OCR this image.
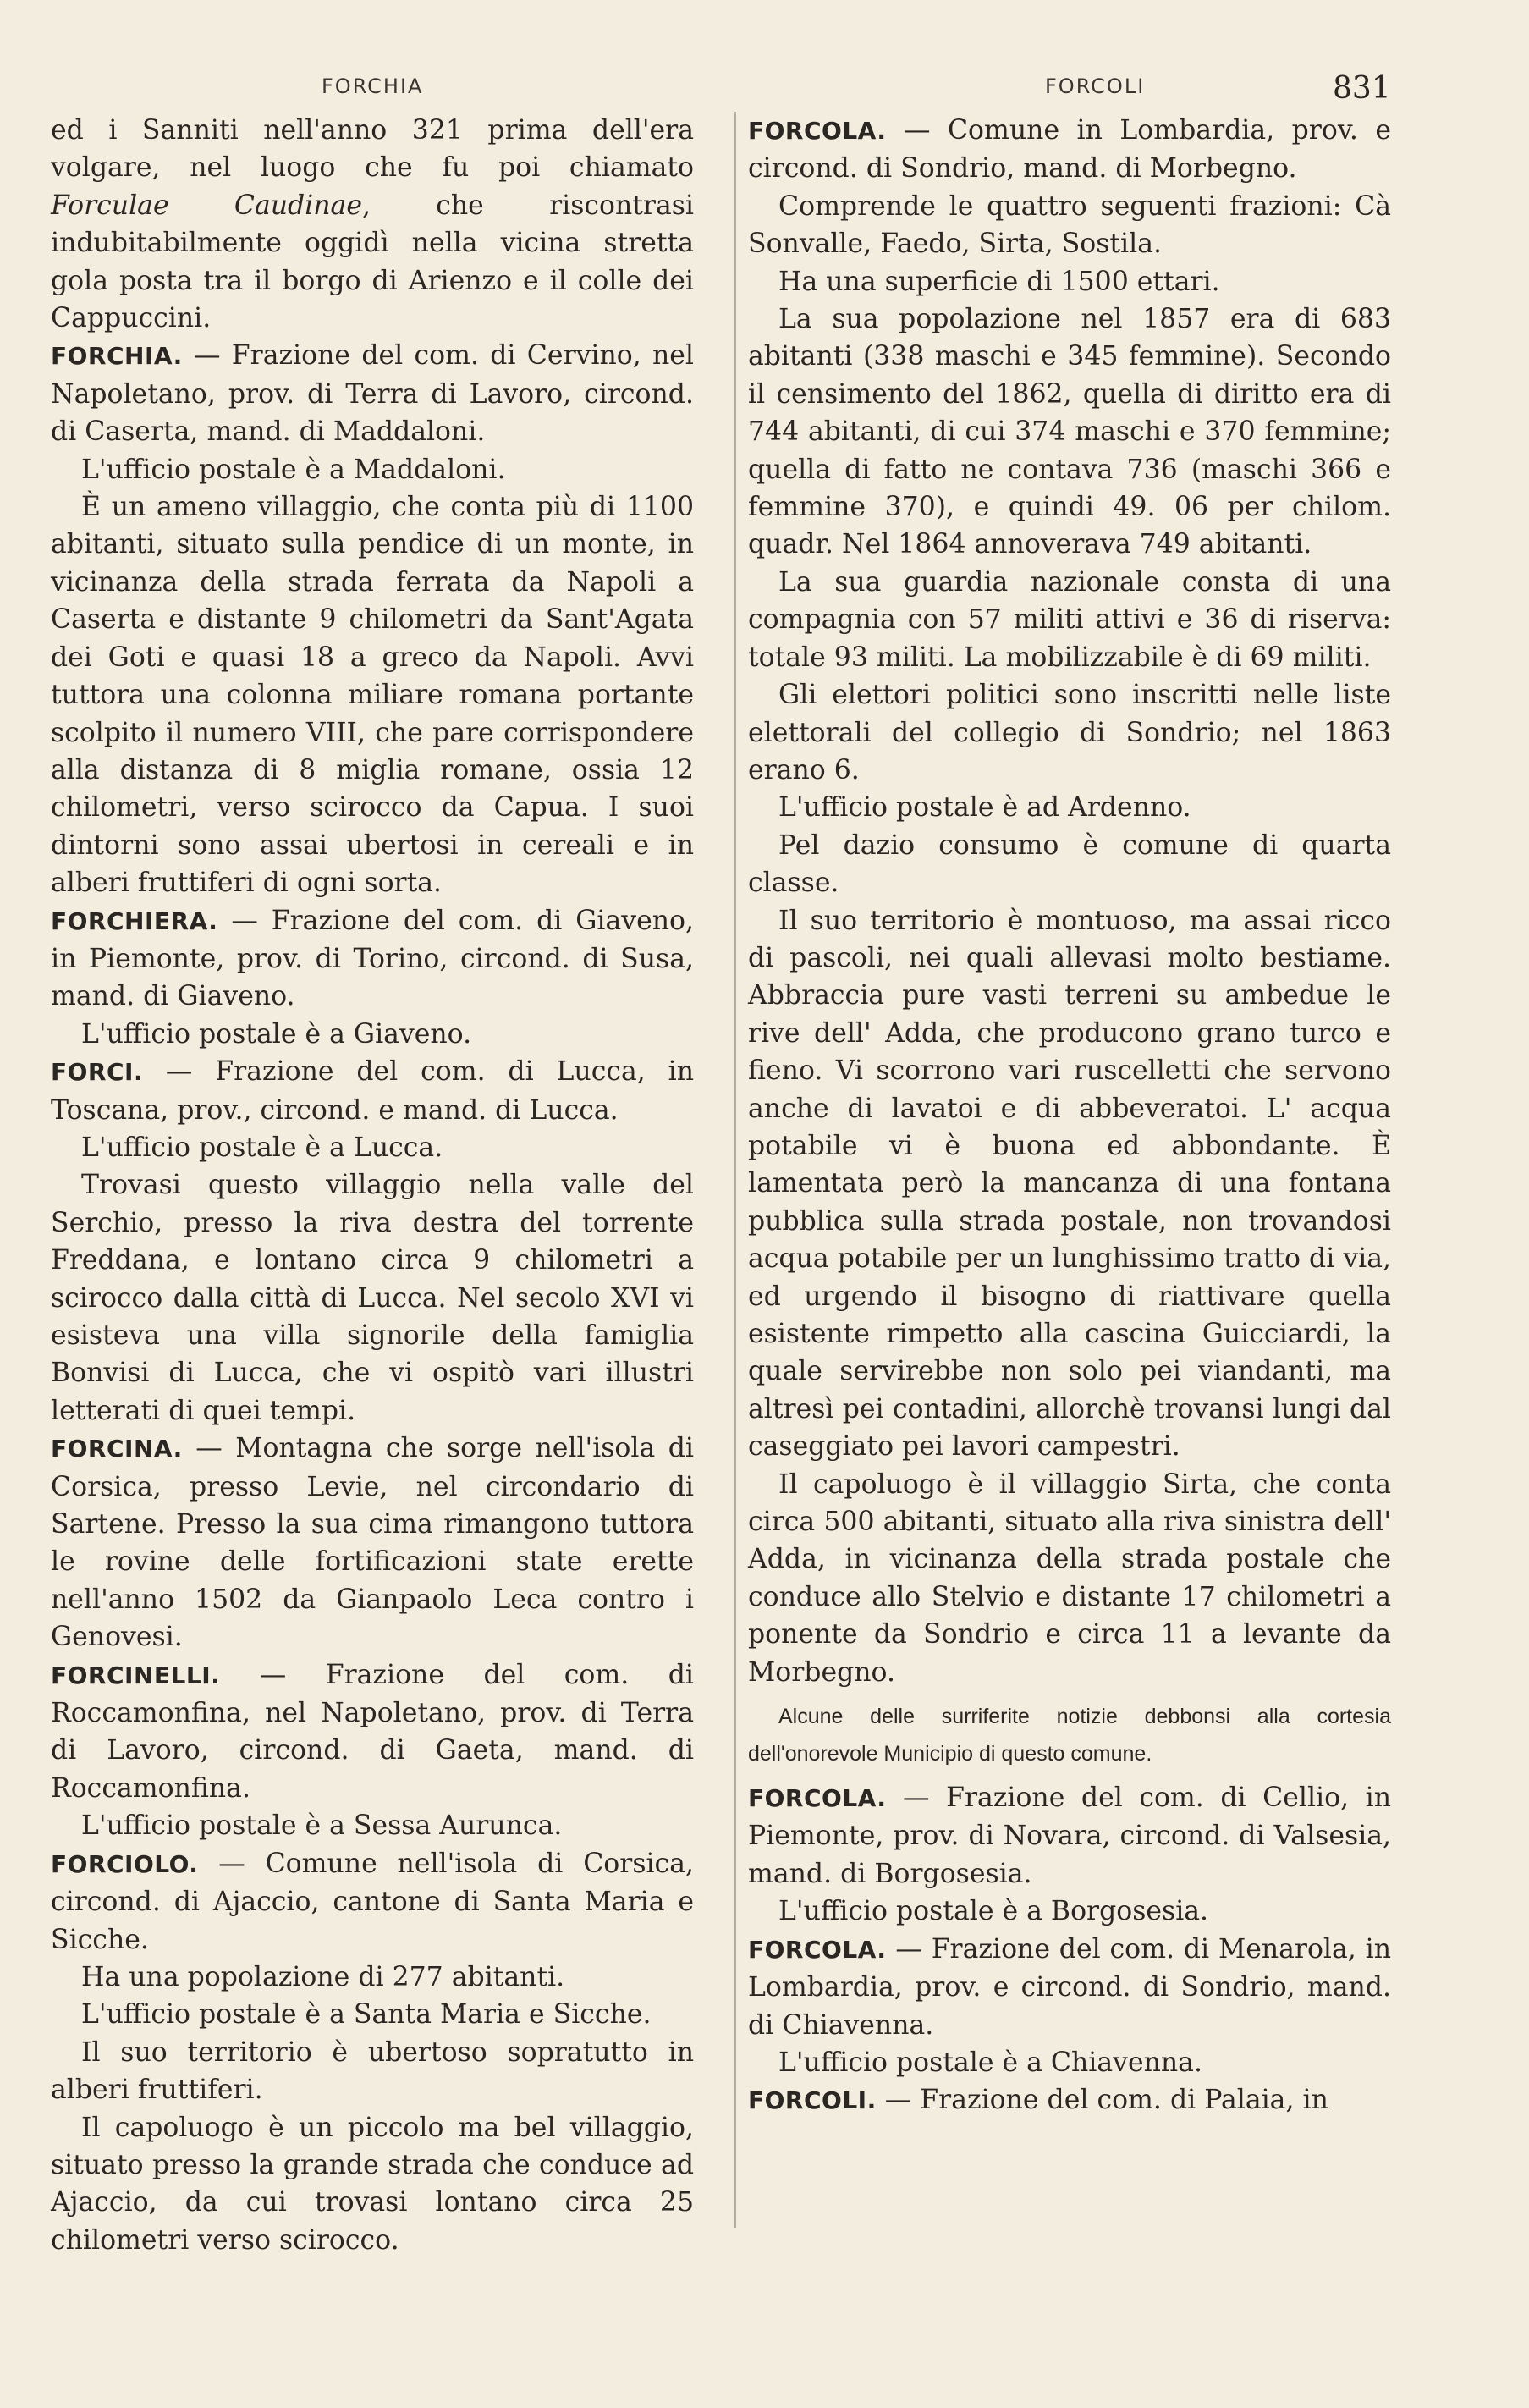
FORCHIA	FORCOLI	831

ed i Sanniti nell'anno 321 prima dell'era volgare, nel luogo che fu poi chiamato Forculae Caudinae, che riscontrasi indubitabilmente oggidì nella vicina stretta gola posta tra il borgo di Arienzo e il colle dei Cappuccini.

FORCHIA. — Frazione del com. di Cervino, nel Napoletano, prov. di Terra di Lavoro, circond. di Caserta, mand. di Maddaloni.

L'ufficio postale è a Maddaloni.

È un ameno villaggio, che conta più di 1100 abitanti, situato sulla pendice di un monte, in vicinanza della strada ferrata da Napoli a Caserta e distante 9 chilometri da Sant'Agata dei Goti e quasi 18 a greco da Napoli. Avvi tuttora una colonna miliare romana portante scolpito il numero VIII, che pare corrispondere alla distanza di 8 miglia romane, ossia 12 chilometri, verso scirocco da Capua. I suoi dintorni sono assai ubertosi in cereali e in alberi fruttiferi di ogni sorta.

FORCHIERA. — Frazione del com. di Giaveno, in Piemonte, prov. di Torino, circond. di Susa, mand. di Giaveno.

L'ufficio postale è a Giaveno.

FORCI. — Frazione del com. di Lucca, in Toscana, prov., circond. e mand. di Lucca.

L'ufficio postale è a Lucca.

Trovasi questo villaggio nella valle del Serchio, presso la riva destra del torrente Freddana, e lontano circa 9 chilometri a scirocco dalla città di Lucca. Nel secolo XVI vi esisteva una villa signorile della famiglia Bonvisi di Lucca, che vi ospitò vari illustri letterati di quei tempi.

FORCINA. — Montagna che sorge nell'isola di Corsica, presso Levie, nel circondario di Sartene. Presso la sua cima rimangono tuttora le rovine delle fortificazioni state erette nell'anno 1502 da Gianpaolo Leca contro i Genovesi.

FORCINELLI. — Frazione del com. di Roccamonfina, nel Napoletano, prov. di Terra di Lavoro, circond. di Gaeta, mand. di Roccamonfina.

L'ufficio postale è a Sessa Aurunca.

FORCIOLO. — Comune nell'isola di Corsica, circond. di Ajaccio, cantone di Santa Maria e Sicche.

Ha una popolazione di 277 abitanti.

L'ufficio postale è a Santa Maria e Sicche.

Il suo territorio è ubertoso sopratutto in alberi fruttiferi.

Il capoluogo è un piccolo ma bel villaggio, situato presso la grande strada che conduce ad Ajaccio, da cui trovasi lontano circa 25 chilometri verso scirocco.

FORCOLA. — Comune in Lombardia, prov. e circond. di Sondrio, mand. di Morbegno.

Comprende le quattro seguenti frazioni: Cà Sonvalle, Faedo, Sirta, Sostila.

Ha una superficie di 1500 ettari.

La sua popolazione nel 1857 era di 683 abitanti (338 maschi e 345 femmine). Secondo il censimento del 1862, quella di diritto era di 744 abitanti, di cui 374 maschi e 370 femmine; quella di fatto ne contava 736 (maschi 366 e femmine 370), e quindi 49. 06 per chilom. quadr. Nel 1864 annoverava 749 abitanti.

La sua guardia nazionale consta di una compagnia con 57 militi attivi e 36 di riserva: totale 93 militi. La mobilizzabile è di 69 militi.

Gli elettori politici sono inscritti nelle liste elettorali del collegio di Sondrio; nel 1863 erano 6.

L'ufficio postale è ad Ardenno.

Pel dazio consumo è comune di quarta classe.

Il suo territorio è montuoso, ma assai ricco di pascoli, nei quali allevasi molto bestiame. Abbraccia pure vasti terreni su ambedue le rive dell' Adda, che producono grano turco e fieno. Vi scorrono vari ruscelletti che servono anche di lavatoi e di abbeveratoi. L' acqua potabile vi è buona ed abbondante. È lamentata però la mancanza di una fontana pubblica sulla strada postale, non trovandosi acqua potabile per un lunghissimo tratto di via, ed urgendo il bisogno di riattivare quella esistente rimpetto alla cascina Guicciardi, la quale servirebbe non solo pei viandanti, ma altresì pei contadini, allorchè trovansi lungi dal caseggiato pei lavori campestri.

Il capoluogo è il villaggio Sirta, che conta circa 500 abitanti, situato alla riva sinistra dell' Adda, in vicinanza della strada postale che conduce allo Stelvio e distante 17 chilometri a ponente da Sondrio e circa 11 a levante da Morbegno.

Alcune delle surriferite notizie debbonsi alla cortesia dell'onorevole Municipio di questo comune.

FORCOLA. — Frazione del com. di Cellio, in Piemonte, prov. di Novara, circond. di Valsesia, mand. di Borgosesia.

L'ufficio postale è a Borgosesia.

FORCOLA. — Frazione del com. di Menarola, in Lombardia, prov. e circond. di Sondrio, mand. di Chiavenna.

L'ufficio postale è a Chiavenna.

FORCOLI. — Frazione del com. di Palaia, in
